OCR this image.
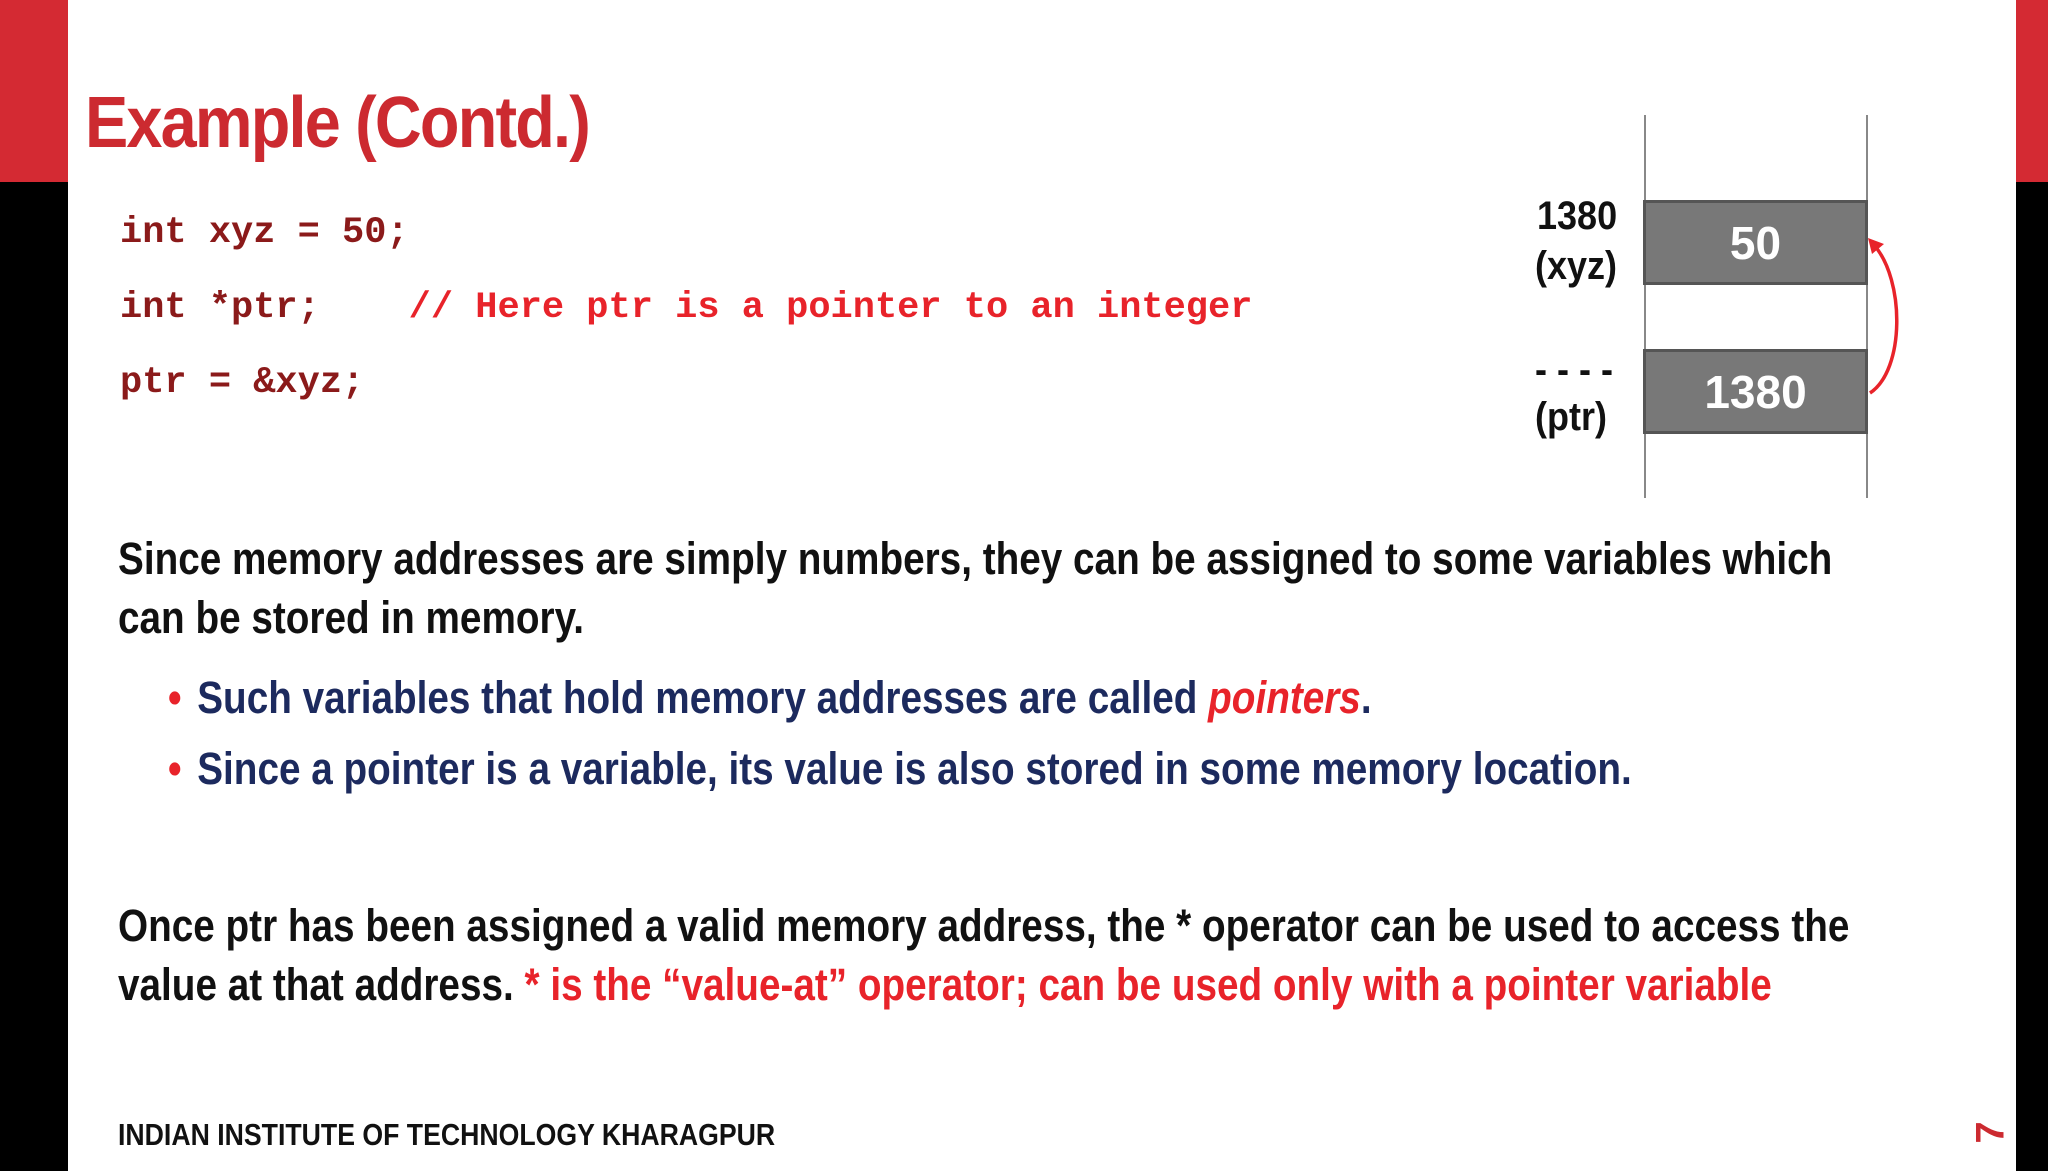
Example (Contd.)
int xyz = 50;
int *ptr; // Here ptr is a pointer to an integer
ptr = &xyz;
1380
(xyz) 50
- - - -
(ptr) 1380
Since memory addresses are simply numbers, they can be assigned to some variables which
can be stored in memory.
• Such variables that hold memory addresses are called pointers.
• Since a pointer is a variable, its value is also stored in some memory location.
Once ptr has been assigned a valid memory address, the * operator can be used to access the
value at that address. * is the “value-at” operator; can be used only with a pointer variable
INDIAN INSTITUTE OF TECHNOLOGY KHARAGPUR	7
